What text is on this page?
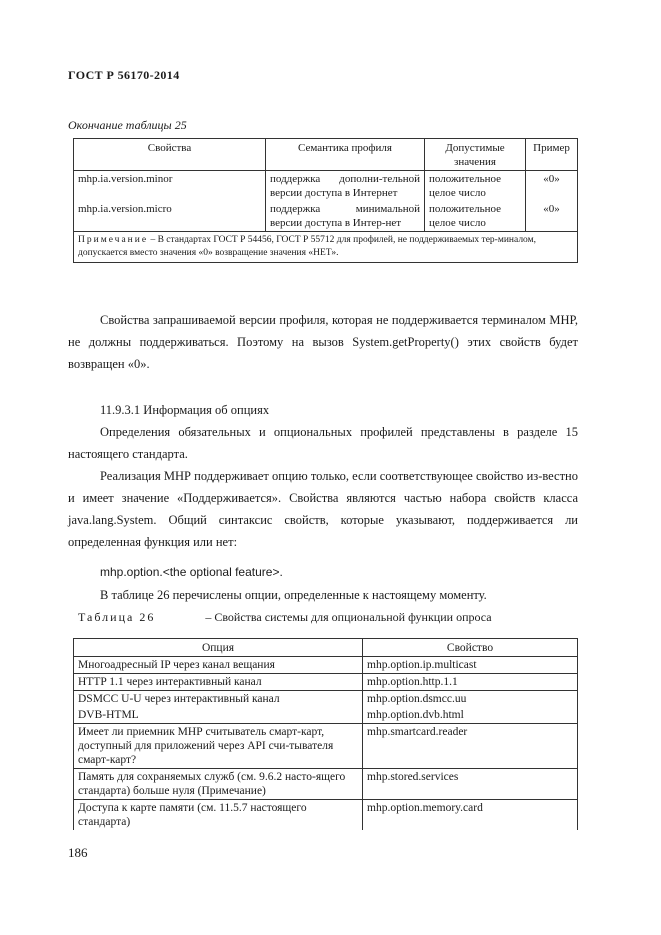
ГОСТ Р 56170-2014
Окончание таблицы 25
Свойства	Семантика профиля	Допустимые значения	Пример
mhp.ia.version.minor	поддержка дополни-тельной версии доступа в Интернет	положительное целое число	«0»
mhp.ia.version.micro	поддержка минимальной версии доступа в Интер-нет	положительное целое число	«0»
Примечание – В стандартах ГОСТ Р 54456, ГОСТ Р 55712 для профилей, не поддерживаемых тер-миналом, допускается вместо значения «0» возвращение значения «НЕТ».			

Свойства запрашиваемой версии профиля, которая не поддерживается терминалом МНР, не должны поддерживаться. Поэтому на вызов System.getProperty() этих свойств будет возвращен «0».

11.9.3.1 Информация об опциях

Определения обязательных и опциональных профилей представлены в разделе 15 настоящего стандарта.

Реализация МНР поддерживает опцию только, если соответствующее свойство из-вестно и имеет значение «Поддерживается». Свойства являются частью набора свойств класса java.lang.System. Общий синтаксис свойств, которые указывают, поддерживается ли определенная функция или нет:

mhp.option.<the optional feature>.

В таблице 26 перечислены опции, определенные к настоящему моменту.

Таблица 26	– Свойства системы для опциональной функции опроса
Опция	Свойство
Многоадресный IP через канал вещания	mhp.option.ip.multicast
HTTP 1.1 через интерактивный канал	mhp.option.http.1.1
DSMCC U-U через интерактивный канал	mhp.option.dsmcc.uu
DVB-HTML	mhp.option.dvb.html
Имеет ли приемник МНР считыватель смарт-карт, доступный для приложений через API счи-тывателя смарт-карт?	mhp.smartcard.reader
Память для сохраняемых служб (см. 9.6.2 насто-ящего стандарта) больше нуля (Примечание)	mhp.stored.services
Доступа к карте памяти (см. 11.5.7 настоящего стандарта)	mhp.option.memory.card
186
